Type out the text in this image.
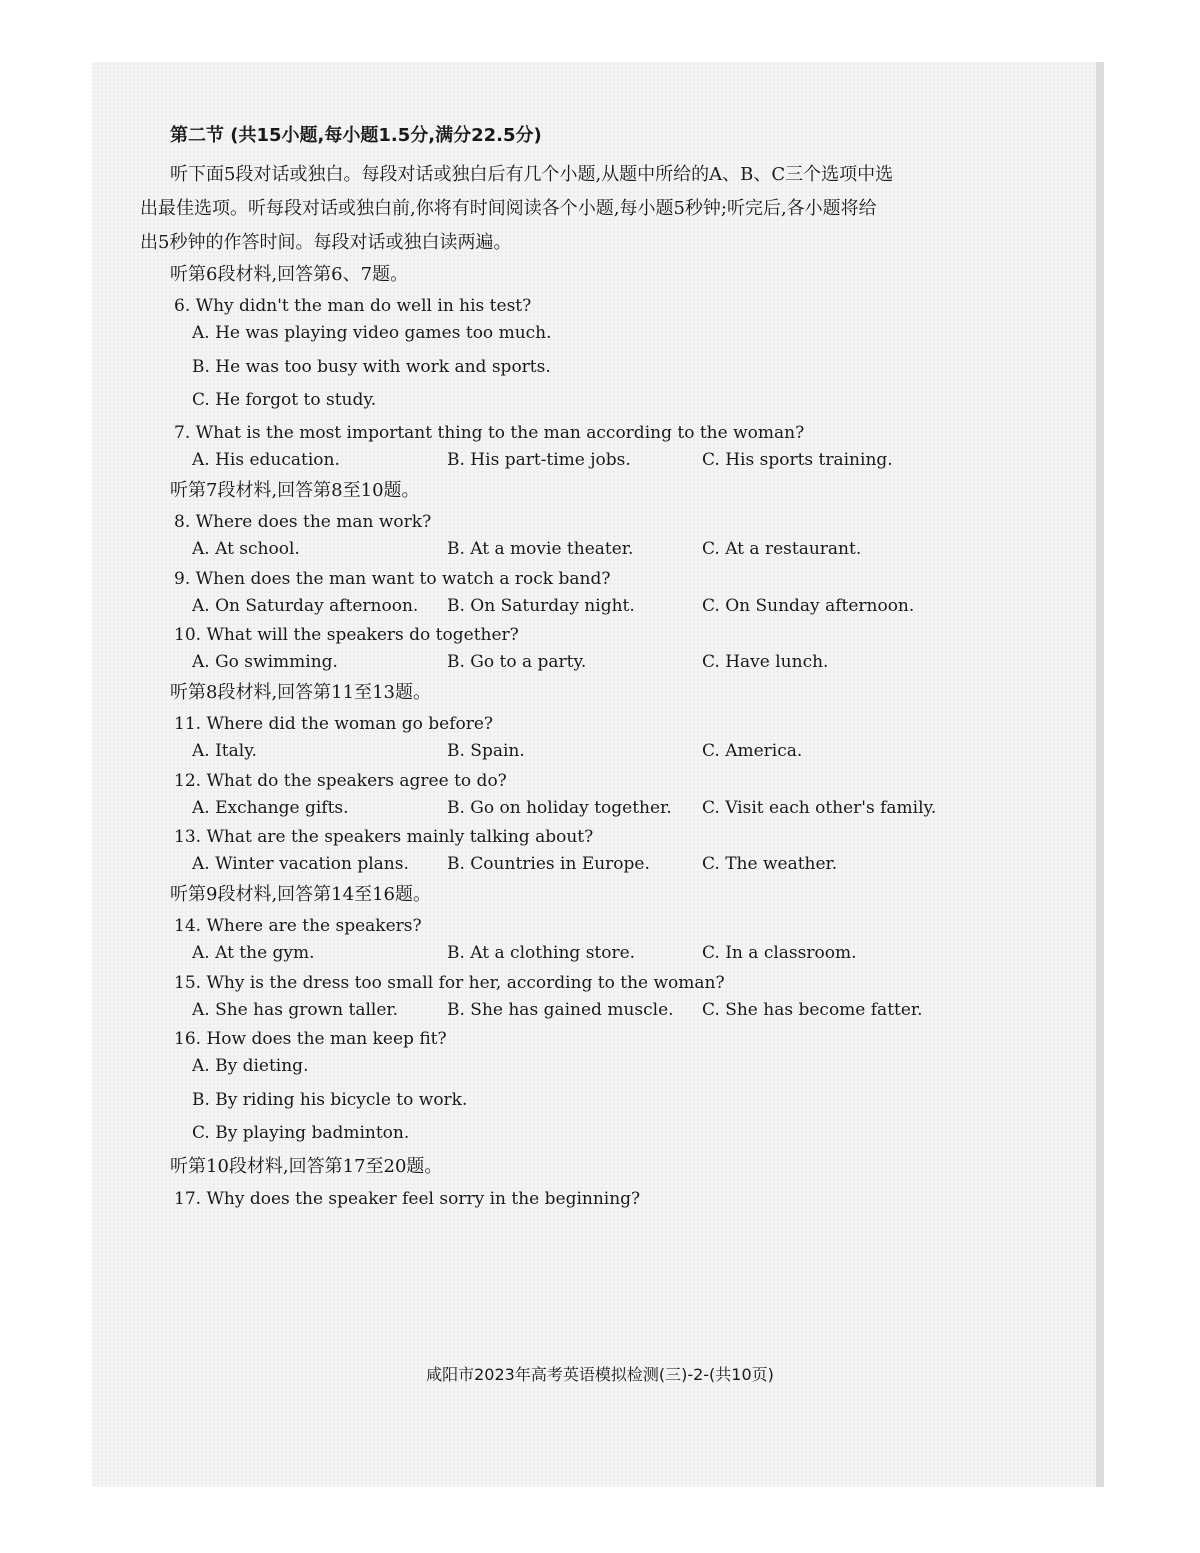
第二节 (共15小题,每小题1.5分,满分22.5分)

听下面5段对话或独白。每段对话或独白后有几个小题,从题中所给的A、B、C三个选项中选
出最佳选项。听每段对话或独白前,你将有时间阅读各个小题,每小题5秒钟;听完后,各小题将给
出5秒钟的作答时间。每段对话或独白读两遍。

听第6段材料,回答第6、7题。
6. Why didn't the man do well in his test?
A. He was playing video games too much.
B. He was too busy with work and sports.
C. He forgot to study.
7. What is the most important thing to the man according to the woman?
A. His education.	B. His part-time jobs.	C. His sports training.
听第7段材料,回答第8至10题。
8. Where does the man work?
A. At school.	B. At a movie theater.	C. At a restaurant.
9. When does the man want to watch a rock band?
A. On Saturday afternoon.	B. On Saturday night.	C. On Sunday afternoon.
10. What will the speakers do together?
A. Go swimming.	B. Go to a party.	C. Have lunch.
听第8段材料,回答第11至13题。
11. Where did the woman go before?
A. Italy.	B. Spain.	C. America.
12. What do the speakers agree to do?
A. Exchange gifts.	B. Go on holiday together.	C. Visit each other's family.
13. What are the speakers mainly talking about?
A. Winter vacation plans.	B. Countries in Europe.	C. The weather.
听第9段材料,回答第14至16题。
14. Where are the speakers?
A. At the gym.	B. At a clothing store.	C. In a classroom.
15. Why is the dress too small for her, according to the woman?
A. She has grown taller.	B. She has gained muscle.	C. She has become fatter.
16. How does the man keep fit?
A. By dieting.
B. By riding his bicycle to work.
C. By playing badminton.
听第10段材料,回答第17至20题。
17. Why does the speaker feel sorry in the beginning?
咸阳市2023年高考英语模拟检测(三)-2-(共10页)
